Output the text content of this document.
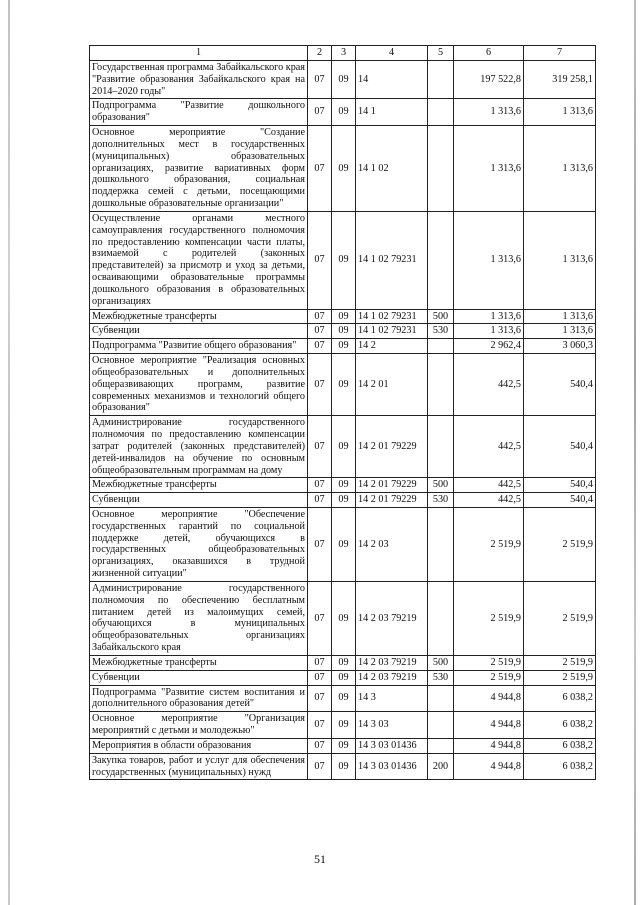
1	2	3	4	5	6	7
Государственная программа Забайкальского края "Развитие образования Забайкальского края на 2014–2020 годы"	07	09	14		197 522,8	319 258,1
Подпрограмма "Развитие дошкольного образования"	07	09	14 1		1 313,6	1 313,6
Основное мероприятие "Создание дополнительных мест в государственных (муниципальных) образовательных организациях, развитие вариативных форм дошкольного образования, социальная поддержка семей с детьми, посещающими дошкольные образовательные организации"	07	09	14 1 02		1 313,6	1 313,6
Осуществление органами местного самоуправления государственного полномочия по предоставлению компенсации части платы, взимаемой с родителей (законных представителей) за присмотр и уход за детьми, осваивающими образовательные программы дошкольного образования в образовательных организациях	07	09	14 1 02 79231		1 313,6	1 313,6
Межбюджетные трансферты	07	09	14 1 02 79231	500	1 313,6	1 313,6
Субвенции	07	09	14 1 02 79231	530	1 313,6	1 313,6
Подпрограмма "Развитие общего образования"	07	09	14 2		2 962,4	3 060,3
Основное мероприятие "Реализация основных общеобразовательных и дополнительных общеразвивающих программ, развитие современных механизмов и технологий общего образования"	07	09	14 2 01		442,5	540,4
Администрирование государственного полномочия по предоставлению компенсации затрат родителей (законных представителей) детей-инвалидов на обучение по основным общеобразовательным программам на дому	07	09	14 2 01 79229		442,5	540,4
Межбюджетные трансферты	07	09	14 2 01 79229	500	442,5	540,4
Субвенции	07	09	14 2 01 79229	530	442,5	540,4
Основное мероприятие "Обеспечение государственных гарантий по социальной поддержке детей, обучающихся в государственных общеобразовательных организациях, оказавшихся в трудной жизненной ситуации"	07	09	14 2 03		2 519,9	2 519,9
Администрирование государственного полномочия по обеспечению бесплатным питанием детей из малоимущих семей, обучающихся в муниципальных общеобразовательных организациях Забайкальского края	07	09	14 2 03 79219		2 519,9	2 519,9
Межбюджетные трансферты	07	09	14 2 03 79219	500	2 519,9	2 519,9
Субвенции	07	09	14 2 03 79219	530	2 519,9	2 519,9
Подпрограмма "Развитие систем воспитания и дополнительного образования детей"	07	09	14 3		4 944,8	6 038,2
Основное мероприятие "Организация мероприятий с детьми и молодежью"	07	09	14 3 03		4 944,8	6 038,2
Мероприятия в области образования	07	09	14 3 03 01436		4 944,8	6 038,2
Закупка товаров, работ и услуг для обеспечения государственных (муниципальных) нужд	07	09	14 3 03 01436	200	4 944,8	6 038,2
51
